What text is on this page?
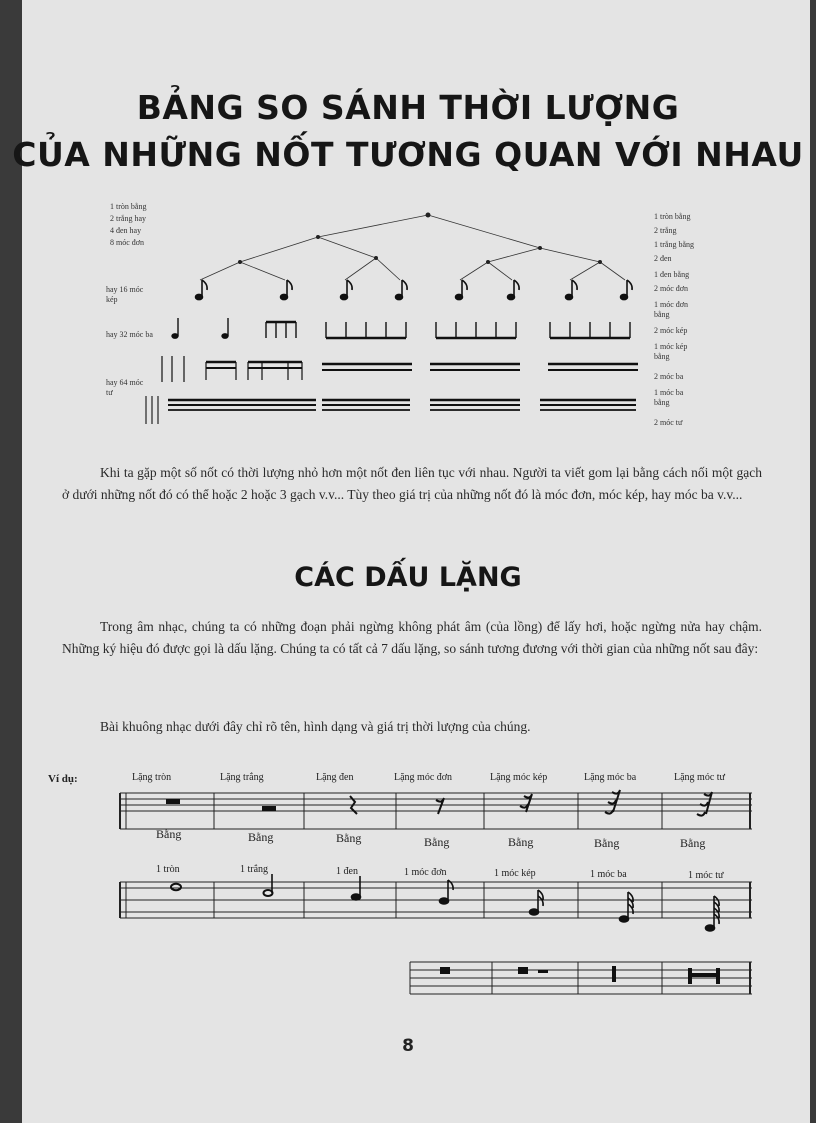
BẢNG SO SÁNH THỜI LƯỢNG
CỦA NHỮNG NỐT TƯƠNG QUAN VỚI NHAU
1 tròn bằng
2 trắng hay
4 đen hay
8 móc đơn
hay 16 móc kép
hay 32 móc ba
hay 64 móc tư
1 tròn bằng
2 trắng
1 trắng bằng
2 đen
1 đen bằng
2 móc đơn
1 móc đơn bằng
2 móc kép
1 móc kép bằng
2 móc ba
1 móc ba bằng
2 móc tư
Khi ta gặp một số nốt có thời lượng nhỏ hơn một nốt đen liên tục với nhau. Người ta viết gom lại bằng cách nối một gạch ở dưới những nốt đó có thể hoặc 2 hoặc 3 gạch v.v... Tùy theo giá trị của những nốt đó là móc đơn, móc kép, hay móc ba v.v...
CÁC DẤU LẶNG
Trong âm nhạc, chúng ta có những đoạn phải ngừng không phát âm (của lồng) để lấy hơi, hoặc ngừng nửa hay chậm. Những ký hiệu đó được gọi là dấu lặng. Chúng ta có tất cả 7 dấu lặng, so sánh tương đương với thời gian của những nốt sau đây:
Bài khuông nhạc dưới đây chỉ rõ tên, hình dạng và giá trị thời lượng của chúng.
Ví dụ:	Lặng tròn	Lặng trắng	Lặng đen	Lặng móc đơn	Lặng móc kép	Lặng móc ba	Lặng móc tư
Bằng	Bằng	Bằng	Bằng	Bằng	Bằng	Bằng
1 tròn	1 trắng	1 đen	1 móc đơn	1 móc kép	1 móc ba	1 móc tư
8
